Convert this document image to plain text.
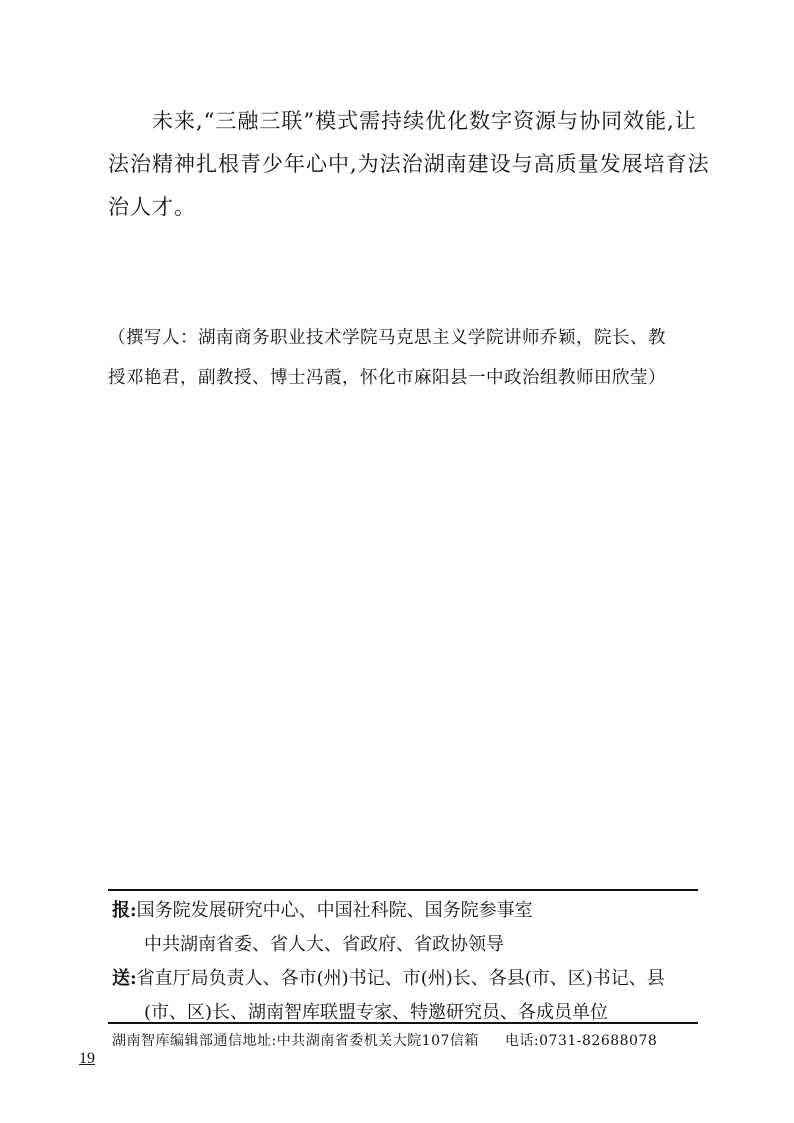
　　未来,“三融三联”模式需持续优化数字资源与协同效能,让
法治精神扎根青少年心中,为法治湖南建设与高质量发展培育法
治人才。
（撰写人：湖南商务职业技术学院马克思主义学院讲师乔颖，院长、教
授邓艳君，副教授、博士冯霞，怀化市麻阳县一中政治组教师田欣莹）
报:国务院发展研究中心、中国社科院、国务院参事室
中共湖南省委、省人大、省政府、省政协领导
送:省直厅局负责人、各市(州)书记、市(州)长、各县(市、区)书记、县
(市、区)长、湖南智库联盟专家、特邀研究员、各成员单位
湖南智库编辑部通信地址:中共湖南省委机关大院107信箱 电话:0731-82688078
19
